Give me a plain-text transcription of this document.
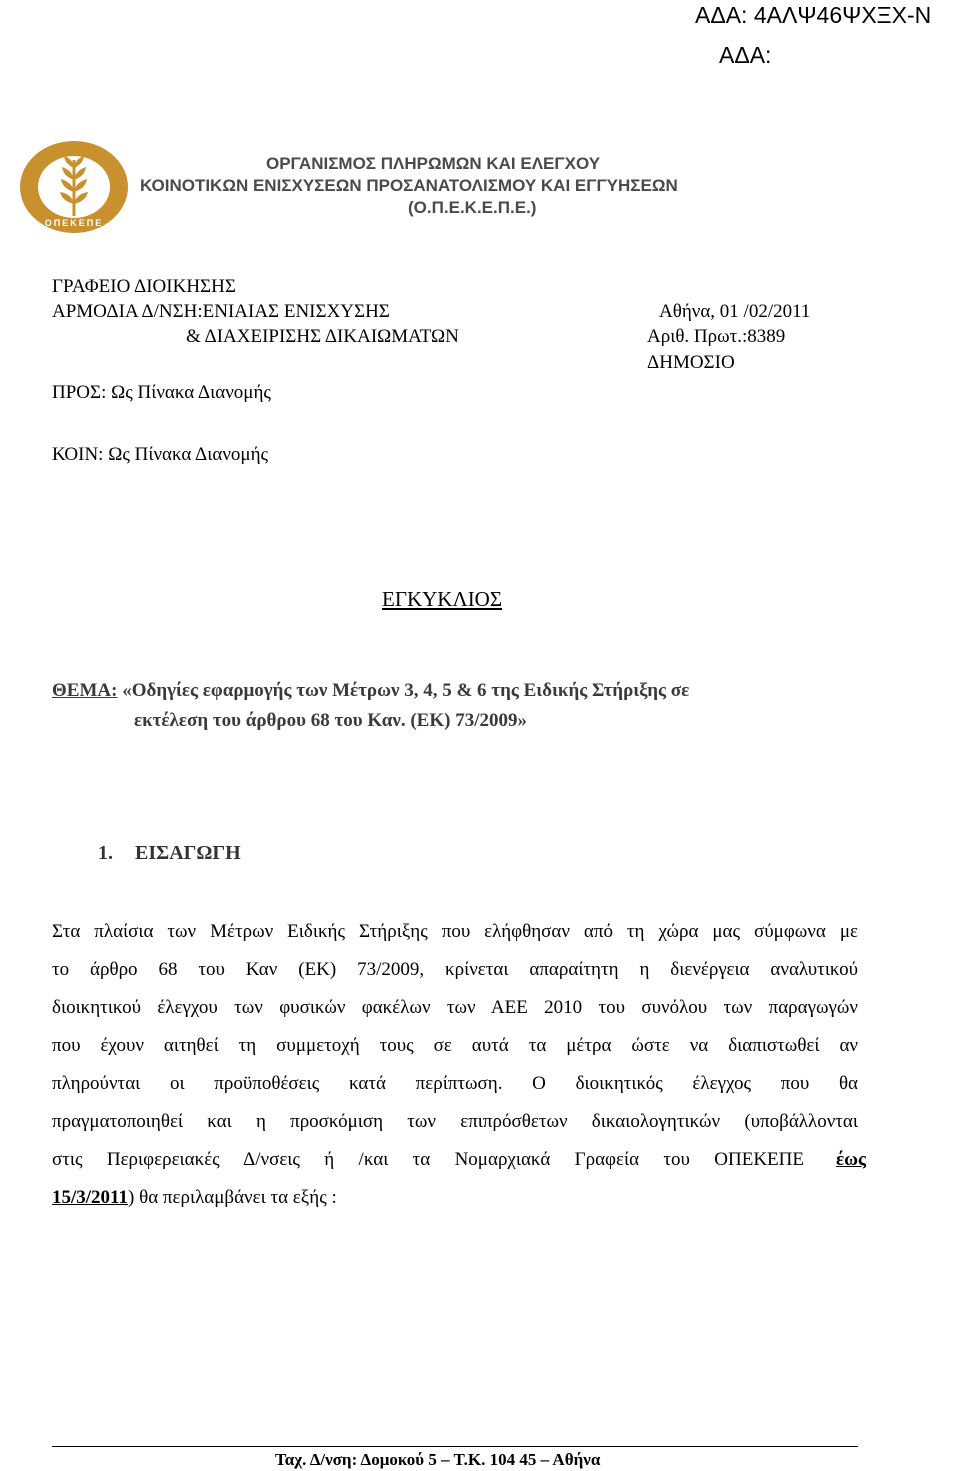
ΑΔΑ: 4ΑΛΨ46ΨΧΞΧ-Ν
ΑΔΑ:
ΟΠΕΚΕΠΕ
ΟΡΓΑΝΙΣΜΟΣ ΠΛΗΡΩΜΩΝ ΚΑΙ ΕΛΕΓΧΟΥ
ΚΟΙΝΟΤΙΚΩΝ ΕΝΙΣΧΥΣΕΩΝ ΠΡΟΣΑΝΑΤΟΛΙΣΜΟΥ ΚΑΙ ΕΓΓΥΗΣΕΩΝ
(Ο.Π.Ε.Κ.Ε.Π.Ε.)
ΓΡΑΦΕΙΟ ΔΙΟΙΚΗΣΗΣ
ΑΡΜΟΔΙΑ Δ/ΝΣΗ:ΕΝΙΑΙΑΣ ΕΝΙΣΧΥΣΗΣ
& ΔΙΑΧΕΙΡΙΣΗΣ ΔΙΚΑΙΩΜΑΤΩΝ
Αθήνα, 01 /02/2011
Αριθ. Πρωτ.:8389
ΔΗΜΟΣΙΟ
ΠΡΟΣ: Ως Πίνακα Διανομής
ΚΟΙΝ: Ως Πίνακα Διανομής
ΕΓΚΥΚΛΙΟΣ
ΘΕΜΑ: «Οδηγίες εφαρμογής των Μέτρων 3, 4, 5 & 6 της Ειδικής Στήριξης σε
εκτέλεση του άρθρου 68 του Καν. (ΕΚ) 73/2009»
1. ΕΙΣΑΓΩΓΗ
Στα πλαίσια των Μέτρων Ειδικής Στήριξης που ελήφθησαν από τη χώρα μας σύμφωνα με
το άρθρο 68 του Καν (ΕΚ) 73/2009, κρίνεται απαραίτητη η διενέργεια αναλυτικού
διοικητικού έλεγχου των φυσικών φακέλων των ΑΕΕ 2010 του συνόλου των παραγωγών
που έχουν αιτηθεί τη συμμετοχή τους σε αυτά τα μέτρα ώστε να διαπιστωθεί αν
πληρούνται οι προϋποθέσεις κατά περίπτωση. Ο διοικητικός έλεγχος που θα
πραγματοποιηθεί και η προσκόμιση των επιπρόσθετων δικαιολογητικών (υποβάλλονται
στις Περιφερειακές Δ/νσεις ή /και τα Νομαρχιακά Γραφεία του ΟΠΕΚΕΠΕ έως
15/3/2011) θα περιλαμβάνει τα εξής :
Ταχ. Δ/νση: Δομοκού 5 – Τ.Κ. 104 45 – Αθήνα
